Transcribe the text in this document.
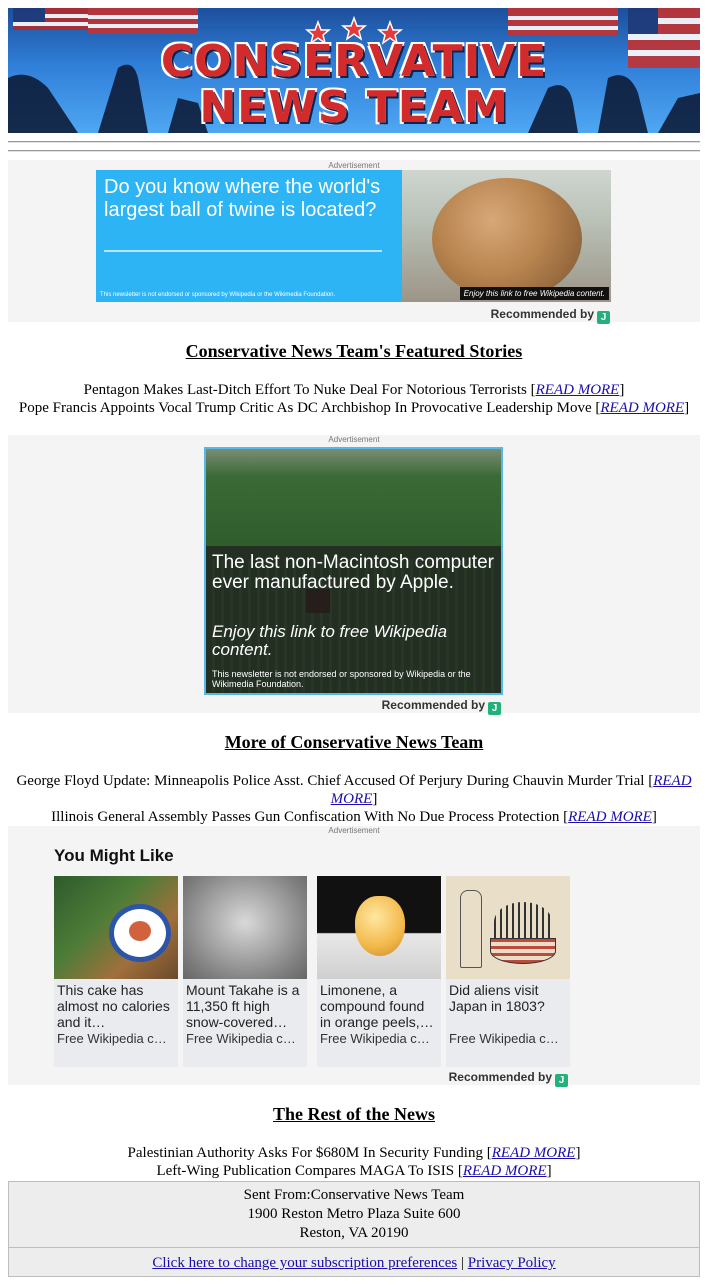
CONSERVATIVE
NEWS TEAM
Advertisement
Do you know where the world's largest ball of twine is located?
This newsletter is not endorsed or sponsored by Wikipedia or the Wikimedia Foundation.	Enjoy this link to free Wikipedia content.
Recommended by J
Conservative News Team's Featured Stories
Pentagon Makes Last-Ditch Effort To Nuke Deal For Notorious Terrorists [READ MORE]
Pope Francis Appoints Vocal Trump Critic As DC Archbishop In Provocative Leadership Move [READ MORE]
Advertisement
The last non-Macintosh computer ever manufactured by Apple.
Enjoy this link to free Wikipedia content.
This newsletter is not endorsed or sponsored by Wikipedia or the Wikimedia Foundation.
Recommended by J
More of Conservative News Team
George Floyd Update: Minneapolis Police Asst. Chief Accused Of Perjury During Chauvin Murder Trial [READ MORE]
Illinois General Assembly Passes Gun Confiscation With No Due Process Protection [READ MORE]
Advertisement
You Might Like
This cake has almost no calories and it…
Free Wikipedia c…
Mount Takahe is a 11,350 ft high snow-covered…
Free Wikipedia c…
Limonene, a compound found in orange peels,…
Free Wikipedia c…
Did aliens visit Japan in 1803?
Free Wikipedia c…
Recommended by J
The Rest of the News
Palestinian Authority Asks For $680M In Security Funding [READ MORE]
Left-Wing Publication Compares MAGA To ISIS [READ MORE]
Sent From:Conservative News Team
1900 Reston Metro Plaza Suite 600
Reston, VA 20190
Click here to change your subscription preferences | Privacy Policy
